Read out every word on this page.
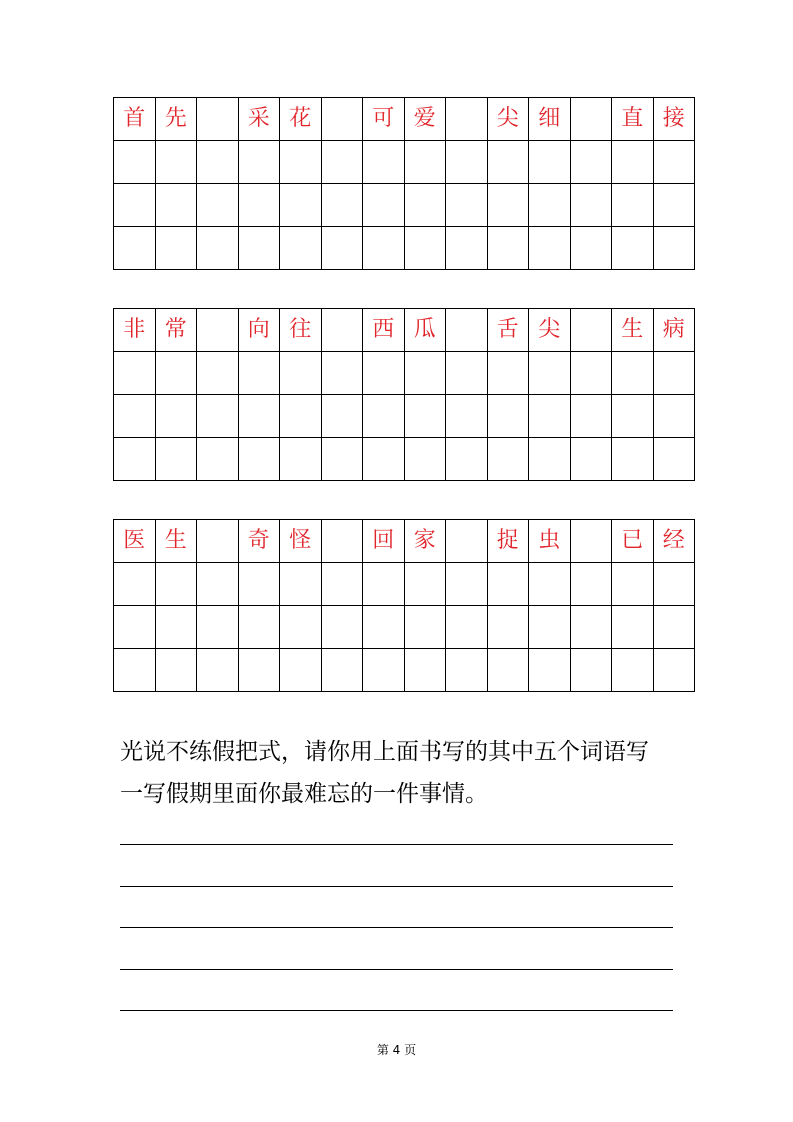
首	先		采	花		可	爱		尖	细		直	接

非	常		向	往		西	瓜		舌	尖		生	病

医	生		奇	怪		回	家		捉	虫		已	经

光说不练假把式，请你用上面书写的其中五个词语写

一写假期里面你最难忘的一件事情。

第 4 页
